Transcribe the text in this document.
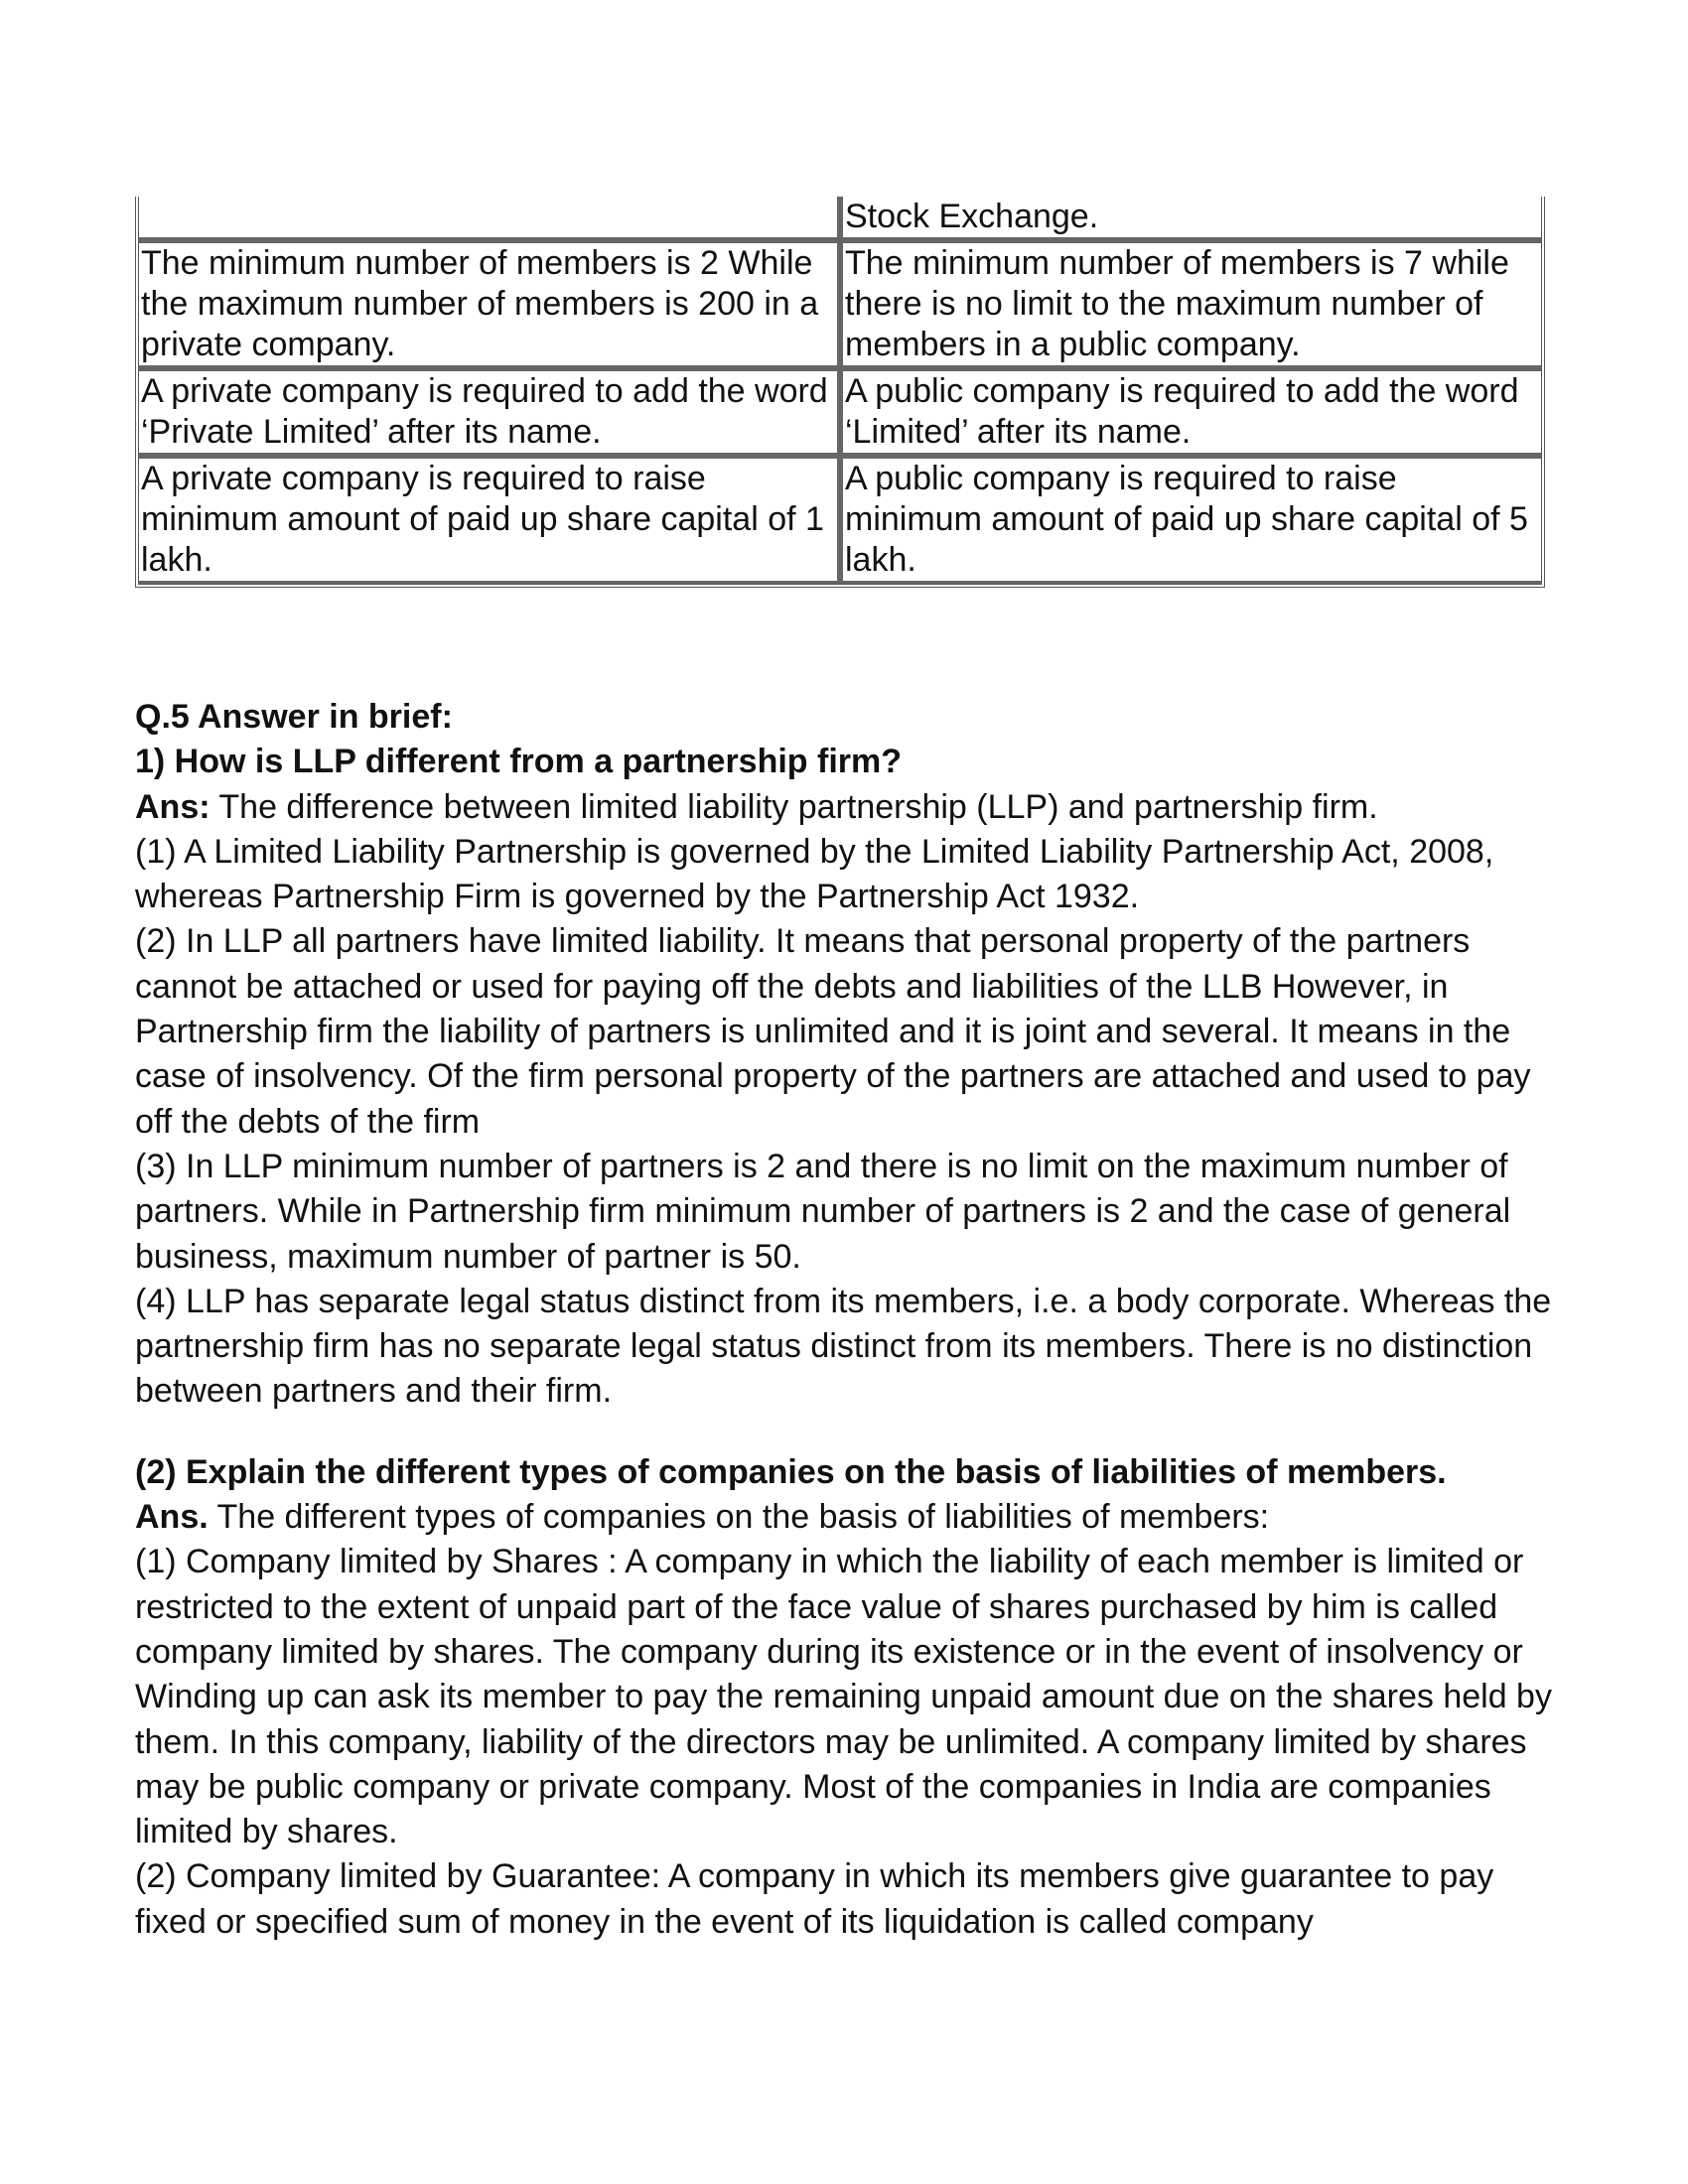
	Stock Exchange.
The minimum number of members is 2 While the maximum number of members is 200 in a private company.	The minimum number of members is 7 while there is no limit to the maximum number of members in a public company.
A private company is required to add the word ‘Private Limited’ after its name.	A public company is required to add the word ‘Limited’ after its name.
A private company is required to raise minimum amount of paid up share capital of 1 lakh.	A public company is required to raise minimum amount of paid up share capital of 5 lakh.

Q.5 Answer in brief:

1) How is LLP different from a partnership firm?

Ans: The difference between limited liability partnership (LLP) and partnership firm.

(1) A Limited Liability Partnership is governed by the Limited Liability Partnership Act, 2008, whereas Partnership Firm is governed by the Partnership Act 1932.

(2) In LLP all partners have limited liability. It means that personal property of the partners cannot be attached or used for paying off the debts and liabilities of the LLB However, in Partnership firm the liability of partners is unlimited and it is joint and several. It means in the case of insolvency. Of the firm personal property of the partners are attached and used to pay off the debts of the firm

(3) In LLP minimum number of partners is 2 and there is no limit on the maximum number of partners. While in Partnership firm minimum number of partners is 2 and the case of general business, maximum number of partner is 50.

(4) LLP has separate legal status distinct from its members, i.e. a body corporate. Whereas the partnership firm has no separate legal status distinct from its members. There is no distinction between partners and their firm.

(2) Explain the different types of companies on the basis of liabilities of members.

Ans. The different types of companies on the basis of liabilities of members:

(1) Company limited by Shares : A company in which the liability of each member is limited or restricted to the extent of unpaid part of the face value of shares purchased by him is called company limited by shares. The company during its existence or in the event of insolvency or Winding up can ask its member to pay the remaining unpaid amount due on the shares held by them. In this company, liability of the directors may be unlimited. A company limited by shares may be public company or private company. Most of the companies in India are companies limited by shares.

(2) Company limited by Guarantee: A company in which its members give guarantee to pay fixed or specified sum of money in the event of its liquidation is called company
